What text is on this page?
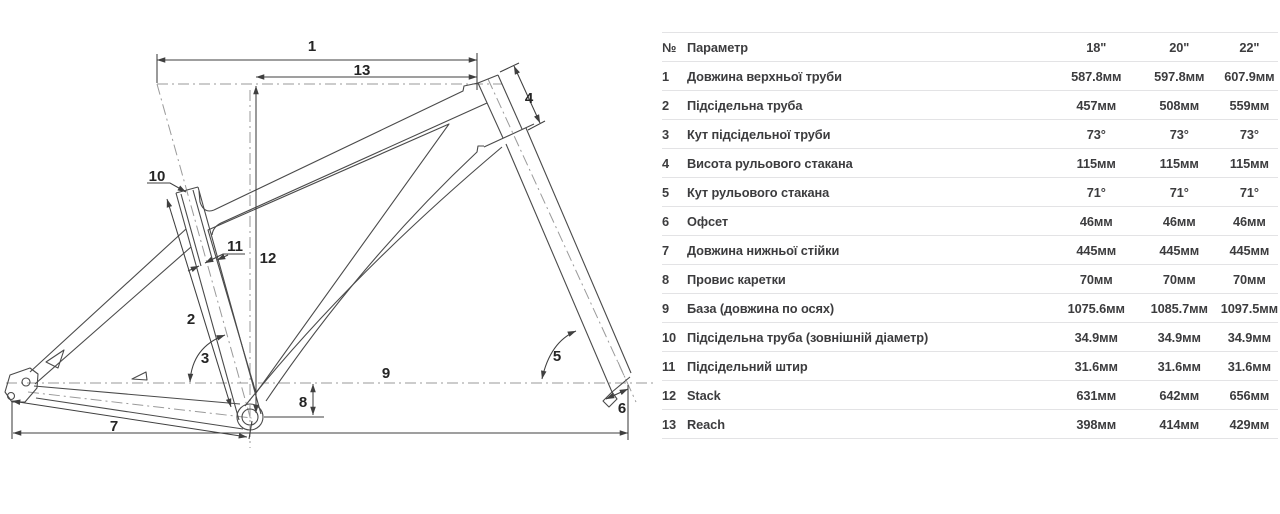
1
13
4
10
11
12
2
3
9
5
8	6
7
№	Параметр	18"	20"	22"
1	Довжина верхньої труби	587.8мм	597.8мм	607.9мм
2	Підсідельна труба	457мм	508мм	559мм
3	Кут підсідельної труби	73°	73°	73°
4	Висота рульового стакана	115мм	115мм	115мм
5	Кут рульового стакана	71°	71°	71°
6	Офсет	46мм	46мм	46мм
7	Довжина нижньої стійки	445мм	445мм	445мм
8	Провис каретки	70мм	70мм	70мм
9	База (довжина по осях)	1075.6мм	1085.7мм	1097.5мм
10	Підсідельна труба (зовнішній діаметр)	34.9мм	34.9мм	34.9мм
11	Підсідельний штир	31.6мм	31.6мм	31.6мм
12	Stack	631мм	642мм	656мм
13	Reach	398мм	414мм	429мм
